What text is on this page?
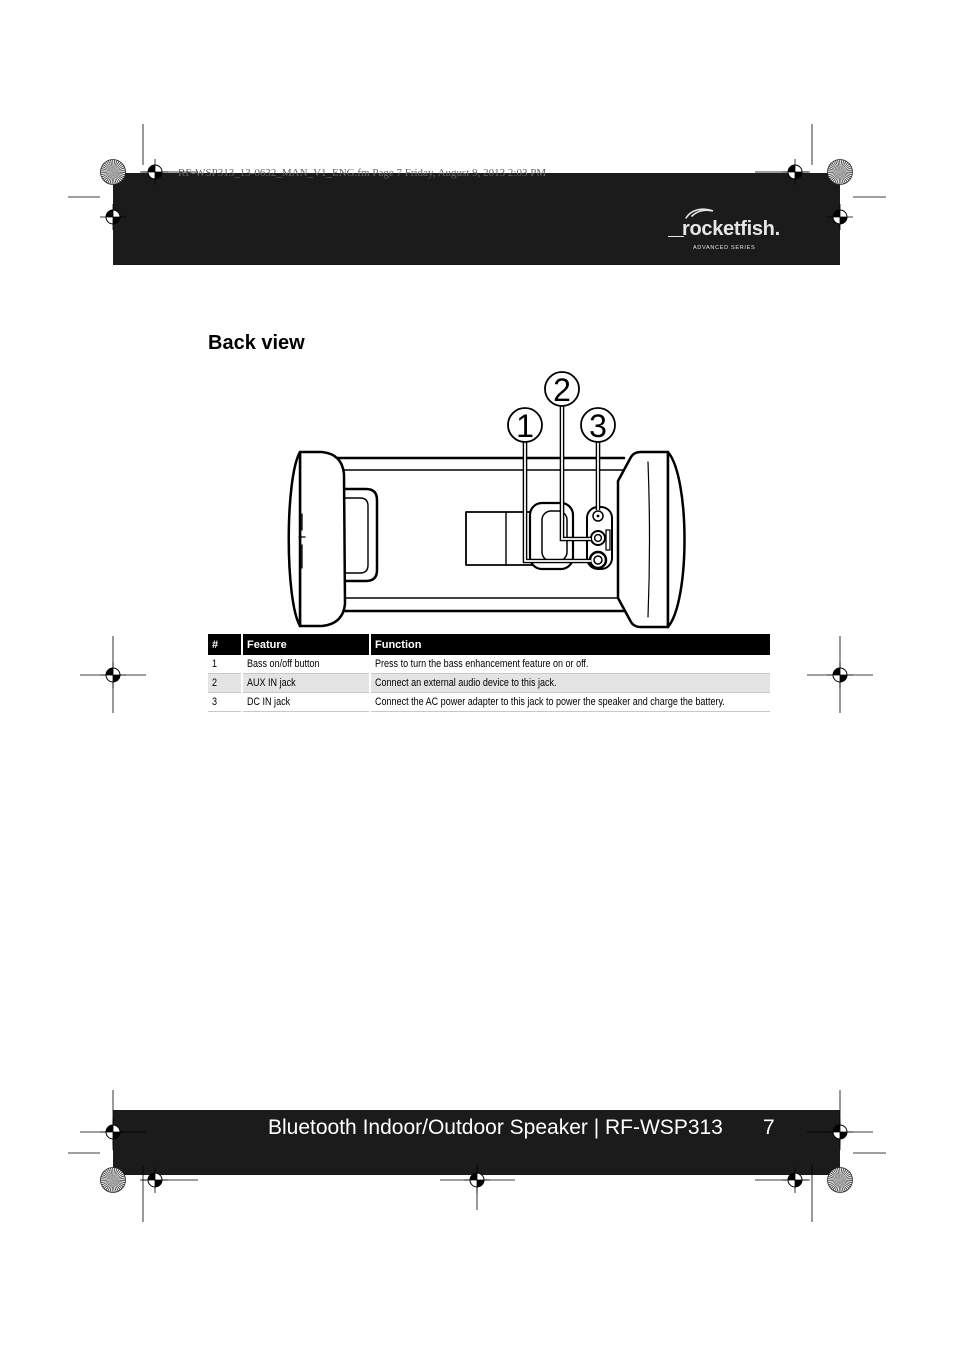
rocketfish.
ADVANCED SERIES
RF-WSP313_13-0632_MAN_V1_ENG.fm Page 7 Friday, August 9, 2013 2:03 PM
Back view
1
2
3
#	Feature	Function
1	Bass on/off button	Press to turn the bass enhancement feature on or off.
2	AUX IN jack	Connect an external audio device to this jack.
3	DC IN jack	Connect the AC power adapter to this jack to power the speaker and charge the battery.
Bluetooth Indoor/Outdoor Speaker | RF-WSP313 7
